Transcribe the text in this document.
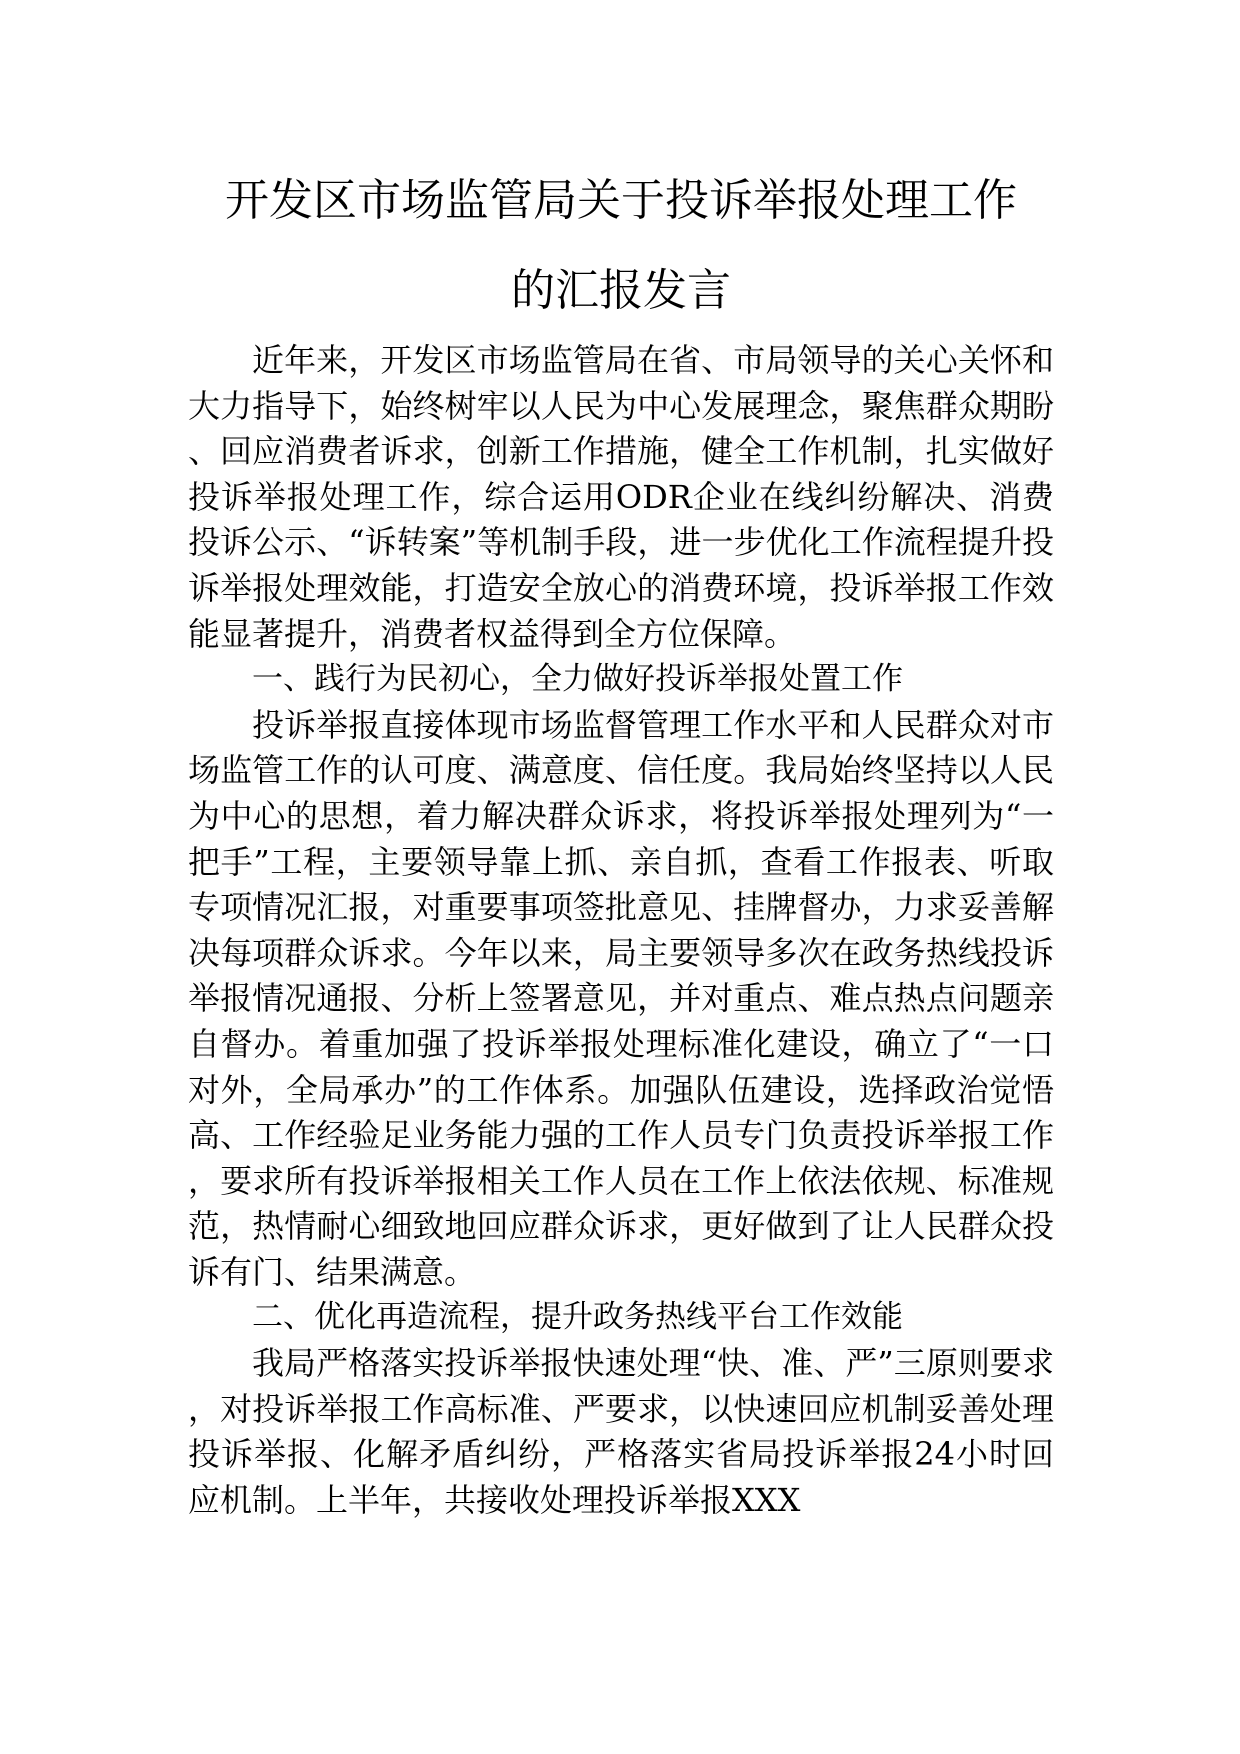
开发区市场监管局关于投诉举报处理工作
的汇报发言

近年来，开发区市场监管局在省、市局领导的关心关怀和大力指导下，始终树牢以人民为中心发展理念，聚焦群众期盼、回应消费者诉求，创新工作措施，健全工作机制，扎实做好投诉举报处理工作，综合运用ODR企业在线纠纷解决、消费投诉公示、“诉转案”等机制手段，进一步优化工作流程提升投诉举报处理效能，打造安全放心的消费环境，投诉举报工作效能显著提升，消费者权益得到全方位保障。

一、践行为民初心，全力做好投诉举报处置工作

投诉举报直接体现市场监督管理工作水平和人民群众对市场监管工作的认可度、满意度、信任度。我局始终坚持以人民为中心的思想，着力解决群众诉求，将投诉举报处理列为“一把手”工程，主要领导靠上抓、亲自抓，查看工作报表、听取专项情况汇报，对重要事项签批意见、挂牌督办，力求妥善解决每项群众诉求。今年以来，局主要领导多次在政务热线投诉举报情况通报、分析上签署意见，并对重点、难点热点问题亲自督办。着重加强了投诉举报处理标准化建设，确立了“一口对外，全局承办”的工作体系。加强队伍建设，选择政治觉悟高、工作经验足业务能力强的工作人员专门负责投诉举报工作，要求所有投诉举报相关工作人员在工作上依法依规、标准规范，热情耐心细致地回应群众诉求，更好做到了让人民群众投诉有门、结果满意。

二、优化再造流程，提升政务热线平台工作效能

我局严格落实投诉举报快速处理“快、准、严”三原则要求，对投诉举报工作高标准、严要求，以快速回应机制妥善处理投诉举报、化解矛盾纠纷，严格落实省局投诉举报24小时回应机制。上半年，共接收处理投诉举报XXX
